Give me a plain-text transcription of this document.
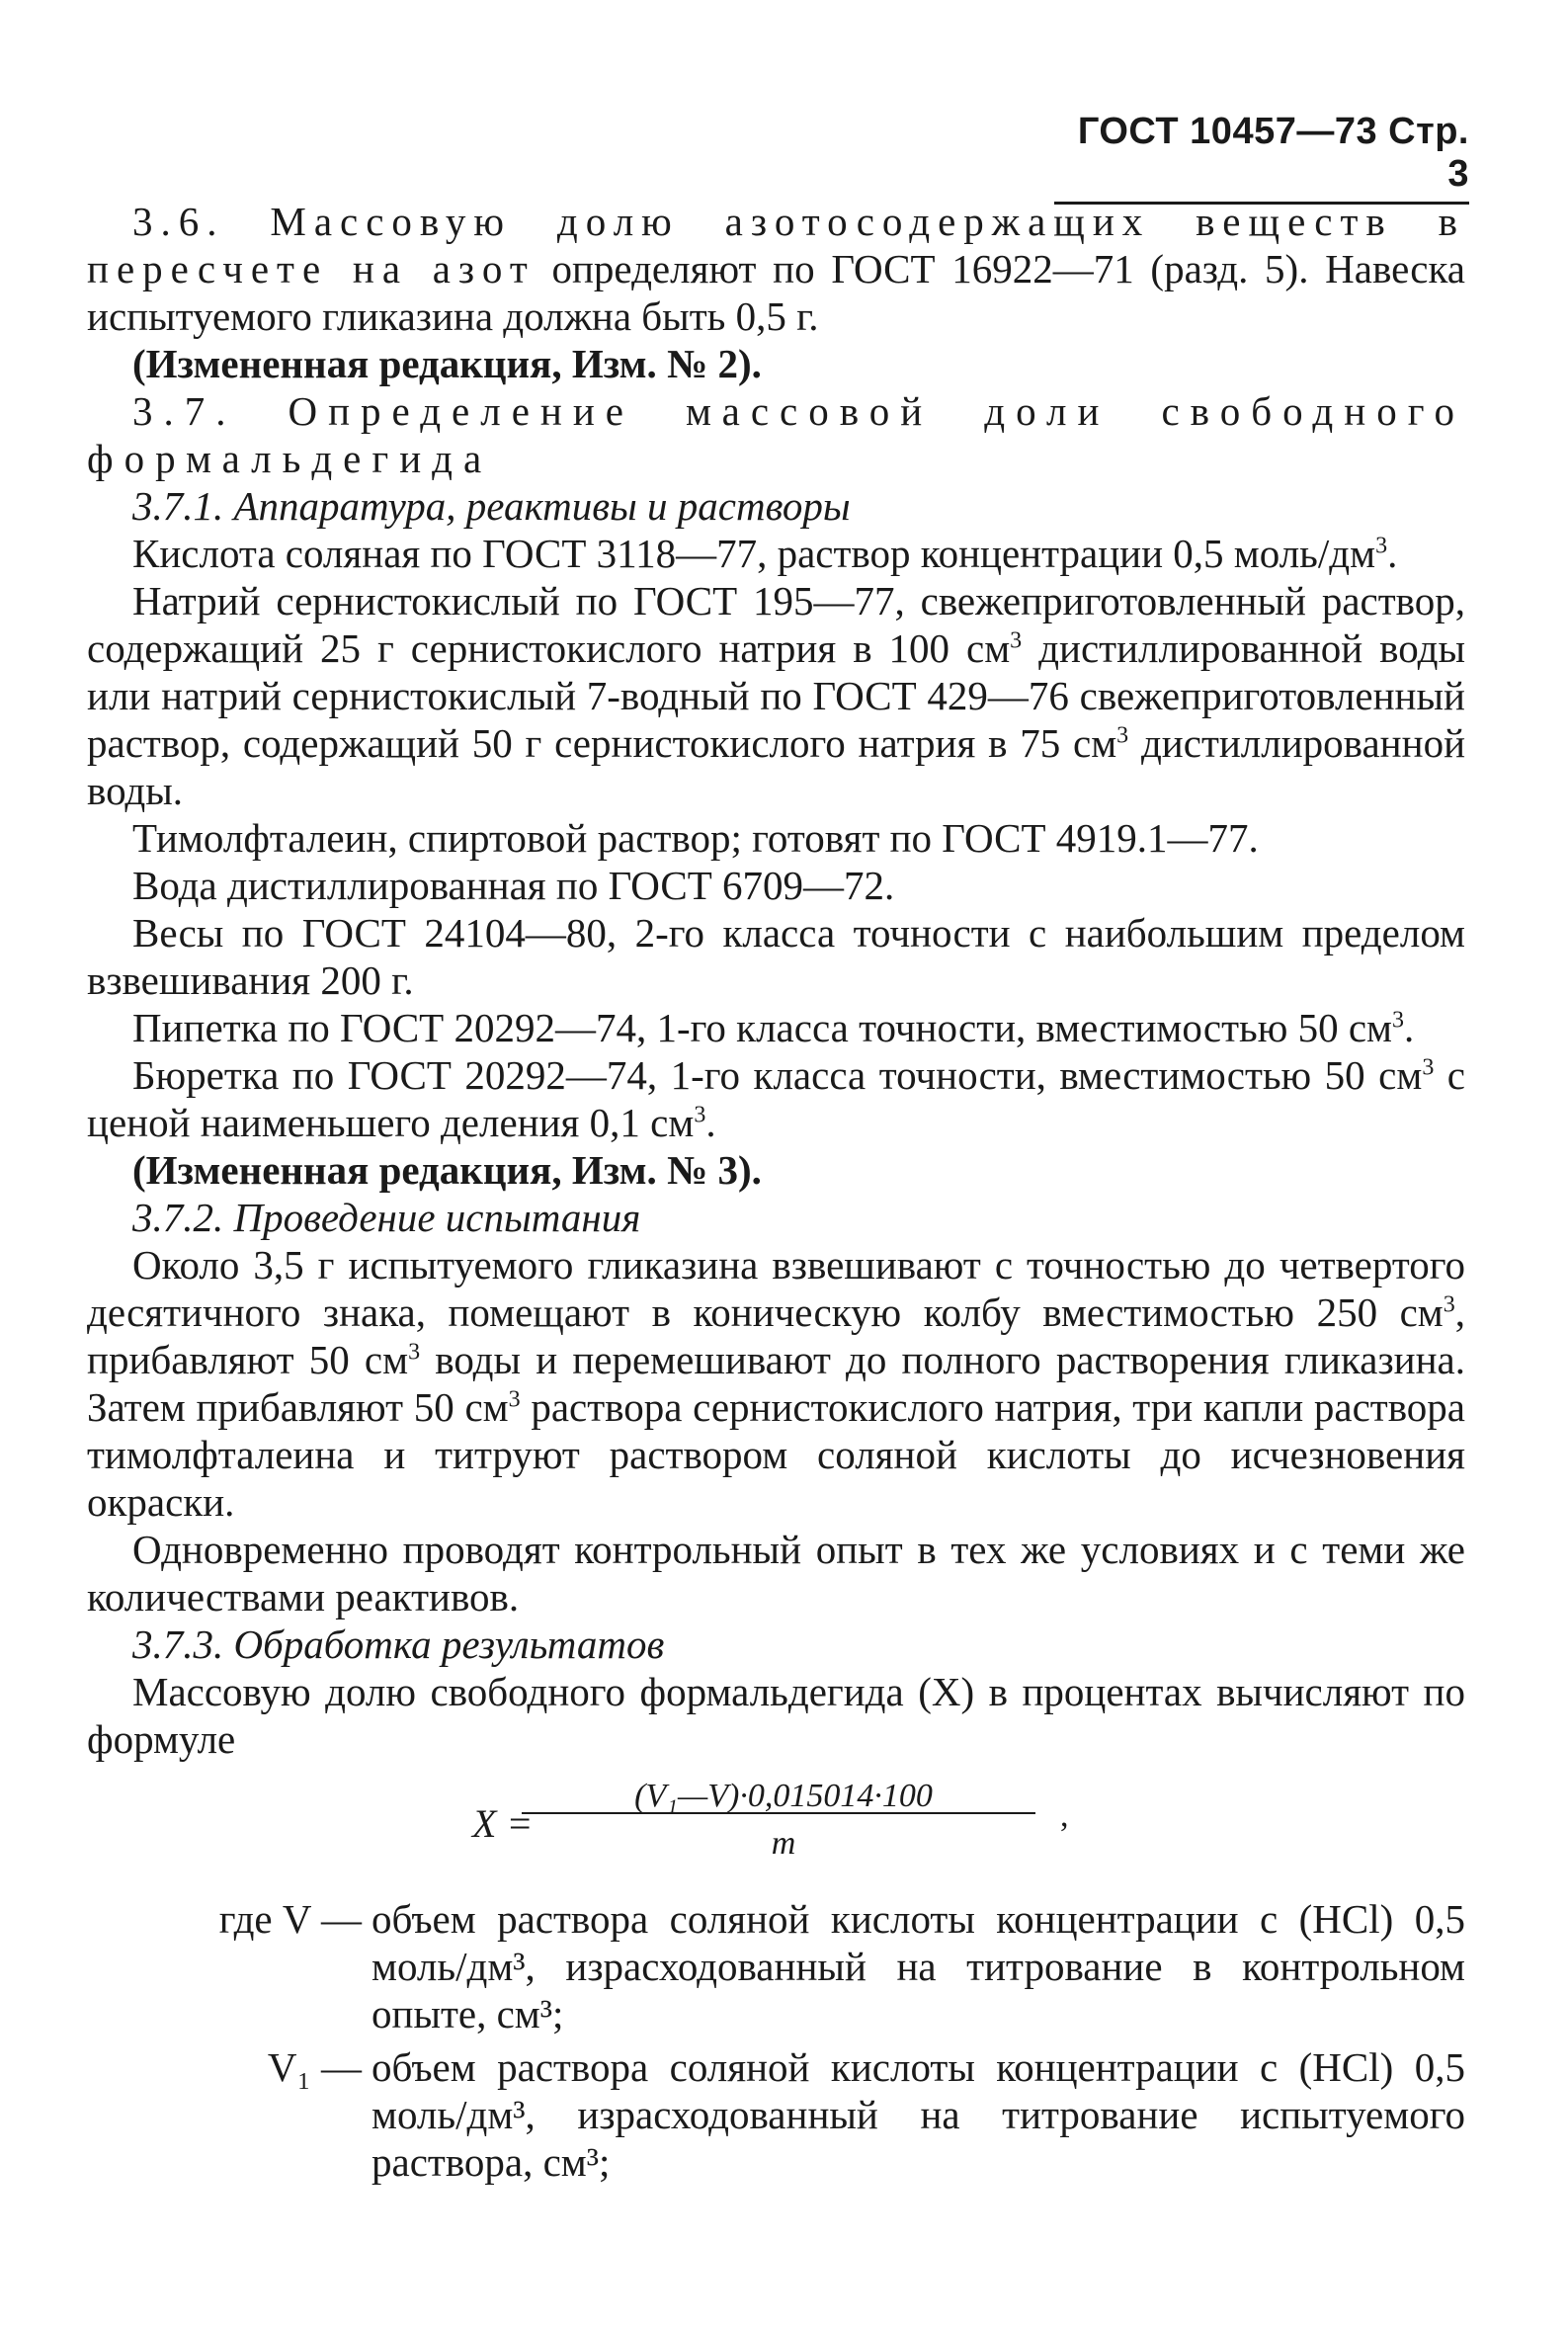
ГОСТ 10457—73 Стр. 3

3.6. Массовую долю азотосодержащих веществ в пересчете на азот определяют по ГОСТ 16922—71 (разд. 5). Навеска испытуемого гликазина должна быть 0,5 г.

(Измененная редакция, Изм. № 2).

3.7. Определение массовой доли свободного формальдегида

3.7.1. Аппаратура, реактивы и растворы

Кислота соляная по ГОСТ 3118—77, раствор концентрации 0,5 моль/$дм^3$.

Натрий сернистокислый по ГОСТ 195—77, свежеприготовленный раствор, содержащий 25 г сернистокислого натрия в 100 $см^3$ дистиллированной воды или натрий сернистокислый 7-водный по ГОСТ 429—76 свежеприготовленный раствор, содержащий 50 г сернистокислого натрия в 75 $см^3$ дистиллированной воды.

Тимолфталеин, спиртовой раствор; готовят по ГОСТ 4919.1—77.

Вода дистиллированная по ГОСТ 6709—72.

Весы по ГОСТ 24104—80, 2-го класса точности с наибольшим пределом взвешивания 200 г.

Пипетка по ГОСТ 20292—74, 1-го класса точности, вместимостью 50 $см^3$.

Бюретка по ГОСТ 20292—74, 1-го класса точности, вместимостью 50 $см^3$ с ценой наименьшего деления 0,1 $см^3$.

(Измененная редакция, Изм. № 3).

3.7.2. Проведение испытания

Около 3,5 г испытуемого гликазина взвешивают с точностью до четвертого десятичного знака, помещают в коническую колбу вместимостью 250 $см^3$, прибавляют 50 $см^3$ воды и перемешивают до полного растворения гликазина. Затем прибавляют 50 $см^3$ раствора сернистокислого натрия, три капли раствора тимолфталеина и титруют раствором соляной кислоты до исчезновения окраски.

Одновременно проводят контрольный опыт в тех же условиях и с теми же количествами реактивов.

3.7.3. Обработка результатов

Массовую долю свободного формальдегида (X) в процентах вычисляют по формуле

X =
(V₁—V)·0,015014·100
m
,
где V — объем раствора соляной кислоты концентрации c (HCl) 0,5 моль/дм³, израсходованный на титрование в контрольном опыте, см³;
V₁ — объем раствора соляной кислоты концентрации c (HCl) 0,5 моль/дм³, израсходованный на титрование испытуемого раствора, см³;
